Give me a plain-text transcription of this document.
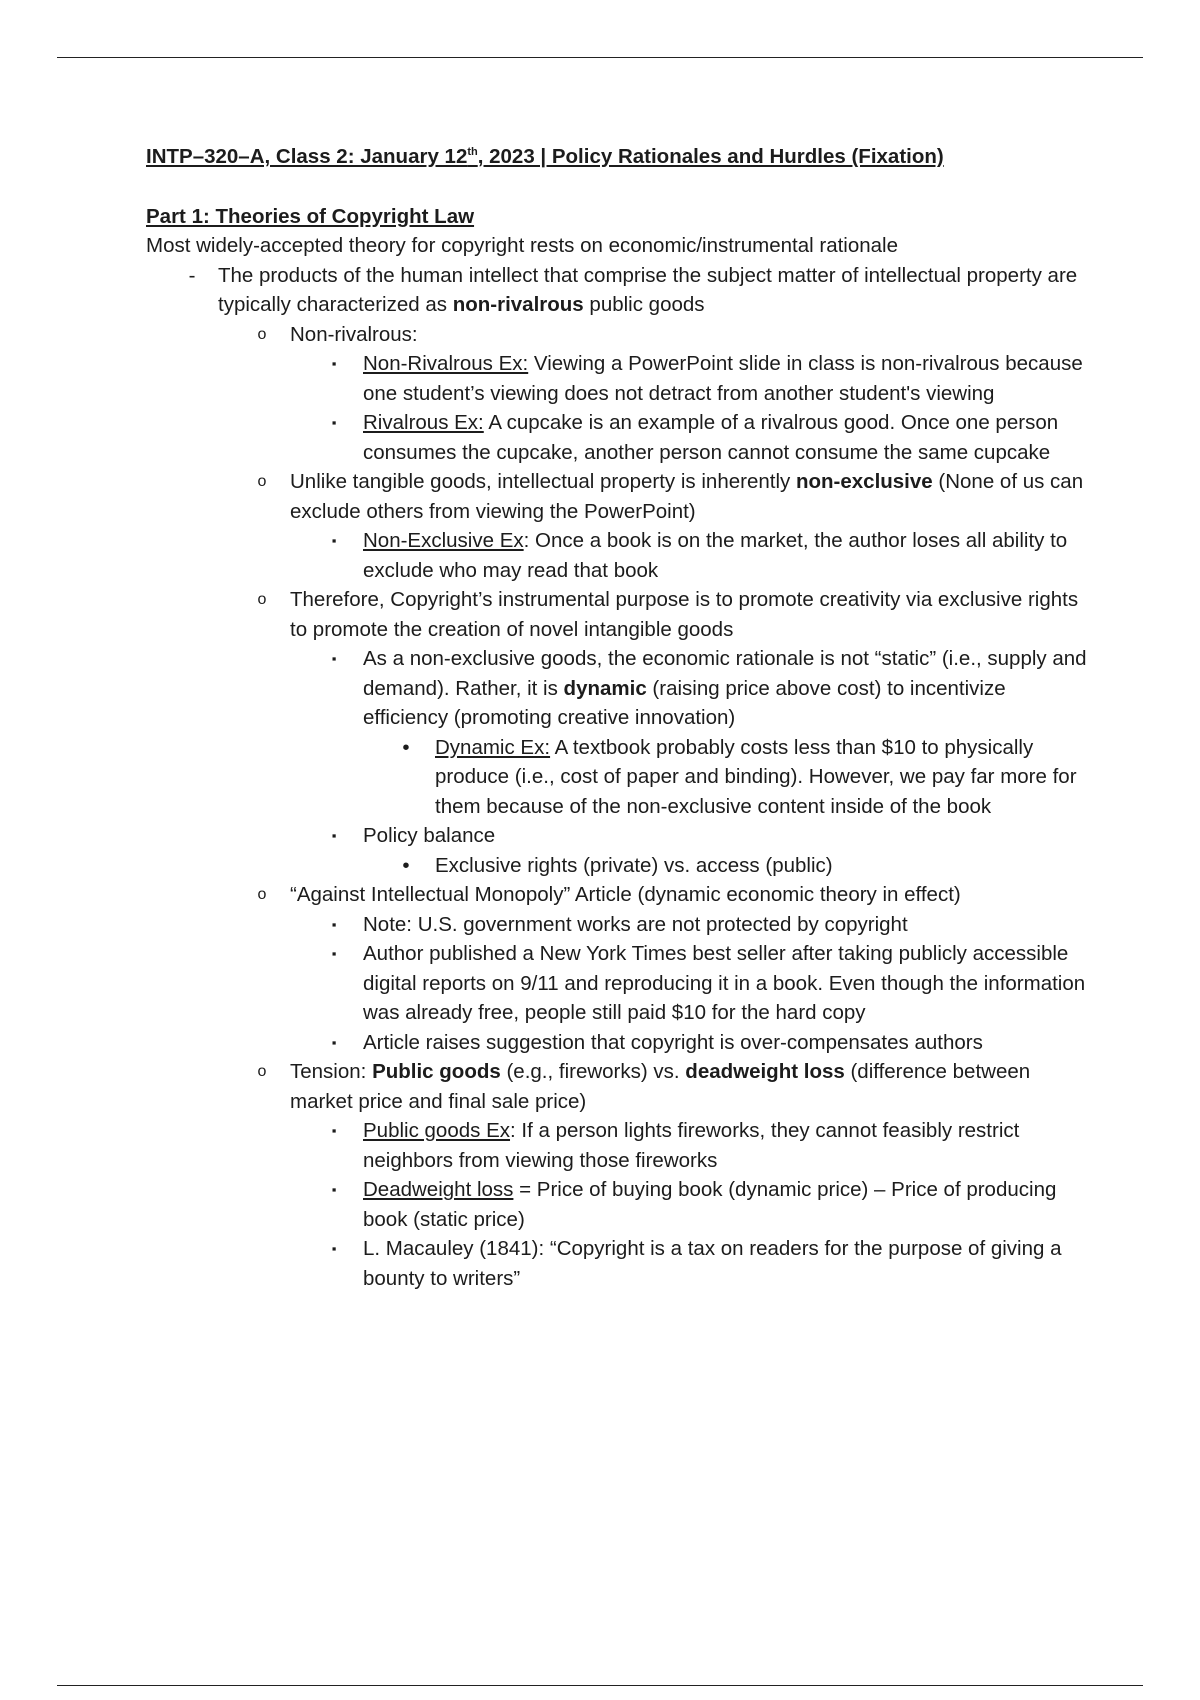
INTP–320–A, Class 2: January 12th, 2023 | Policy Rationales and Hurdles (Fixation)

Part 1: Theories of Copyright Law
Most widely-accepted theory for copyright rests on economic/instrumental rationale
-	The products of the human intellect that comprise the subject matter of intellectual property are typically characterized as non-rivalrous public goods
o Non-rivalrous:
▪	Non-Rivalrous Ex: Viewing a PowerPoint slide in class is non-rivalrous because one student’s viewing does not detract from another student's viewing
▪	Rivalrous Ex: A cupcake is an example of a rivalrous good. Once one person consumes the cupcake, another person cannot consume the same cupcake
o Unlike tangible goods, intellectual property is inherently non-exclusive (None of us can exclude others from viewing the PowerPoint)
▪	Non-Exclusive Ex: Once a book is on the market, the author loses all ability to exclude who may read that book
o Therefore, Copyright’s instrumental purpose is to promote creativity via exclusive rights to promote the creation of novel intangible goods
▪	As a non-exclusive goods, the economic rationale is not “static” (i.e., supply and demand). Rather, it is dynamic (raising price above cost) to incentivize efficiency (promoting creative innovation)
•	Dynamic Ex: A textbook probably costs less than $10 to physically produce (i.e., cost of paper and binding). However, we pay far more for them because of the non-exclusive content inside of the book
▪	Policy balance
•	Exclusive rights (private) vs. access (public)
o “Against Intellectual Monopoly” Article (dynamic economic theory in effect)
▪	Note: U.S. government works are not protected by copyright
▪	Author published a New York Times best seller after taking publicly accessible digital reports on 9/11 and reproducing it in a book. Even though the information was already free, people still paid $10 for the hard copy
▪	Article raises suggestion that copyright is over-compensates authors
o Tension: Public goods (e.g., fireworks) vs. deadweight loss (difference between market price and final sale price)
▪	Public goods Ex: If a person lights fireworks, they cannot feasibly restrict neighbors from viewing those fireworks
▪	Deadweight loss = Price of buying book (dynamic price) – Price of producing book (static price)
▪	L. Macauley (1841): “Copyright is a tax on readers for the purpose of giving a bounty to writers”
